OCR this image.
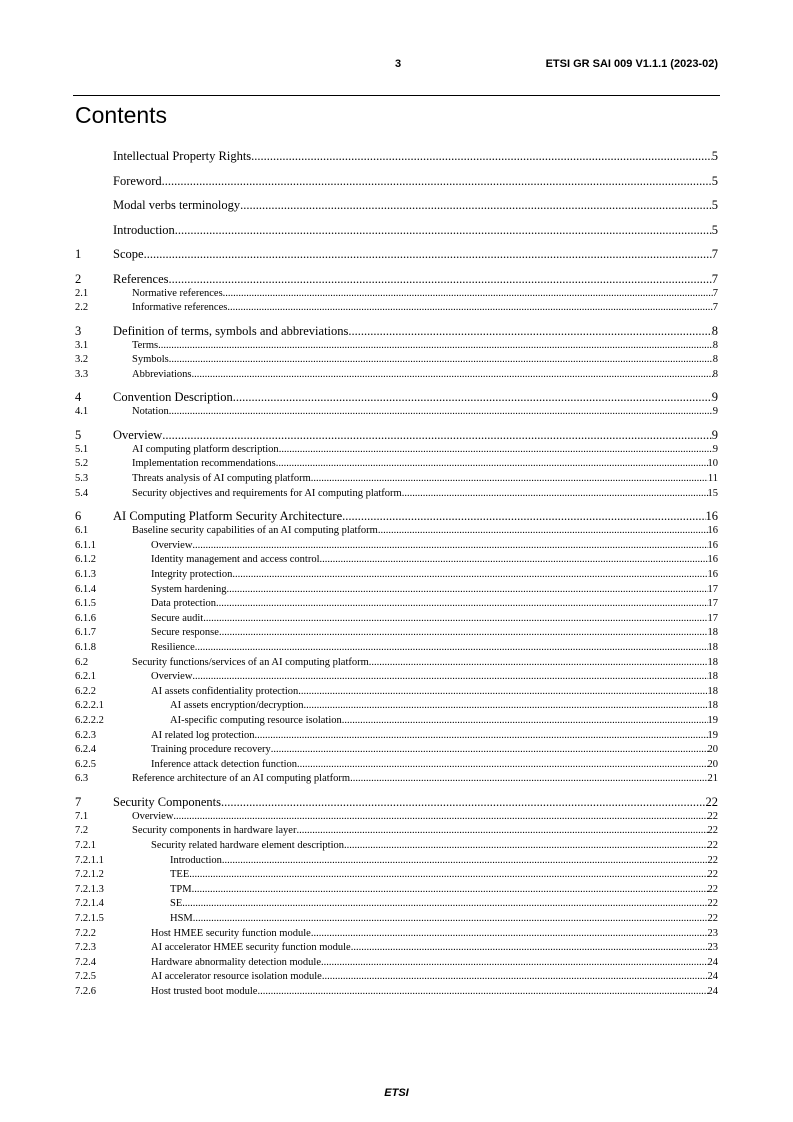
3	ETSI GR SAI 009 V1.1.1 (2023-02)
Contents
Intellectual Property Rights .....	5
Foreword .....	5
Modal verbs terminology .....	5
Introduction .....	5
1	Scope .....	7
2	References .....	7
2.1	Normative references .....	7
2.2	Informative references .....	7
3	Definition of terms, symbols and abbreviations .....	8
3.1	Terms .....	8
3.2	Symbols .....	8
3.3	Abbreviations .....	8
4	Convention Description .....	9
4.1	Notation .....	9
5	Overview .....	9
5.1	AI computing platform description .....	9
5.2	Implementation recommendations .....	10
5.3	Threats analysis of AI computing platform .....	11
5.4	Security objectives and requirements for AI computing platform .....	15
6	AI Computing Platform Security Architecture .....	16
6.1	Baseline security capabilities of an AI computing platform .....	16
6.1.1	Overview .....	16
6.1.2	Identity management and access control .....	16
6.1.3	Integrity protection .....	16
6.1.4	System hardening .....	17
6.1.5	Data protection .....	17
6.1.6	Secure audit .....	17
6.1.7	Secure response .....	18
6.1.8	Resilience .....	18
6.2	Security functions/services of an AI computing platform .....	18
6.2.1	Overview .....	18
6.2.2	AI assets confidentiality protection .....	18
6.2.2.1	AI assets encryption/decryption .....	18
6.2.2.2	AI-specific computing resource isolation .....	19
6.2.3	AI related log protection .....	19
6.2.4	Training procedure recovery .....	20
6.2.5	Inference attack detection function .....	20
6.3	Reference architecture of an AI computing platform .....	21
7	Security Components .....	22
7.1	Overview .....	22
7.2	Security components in hardware layer .....	22
7.2.1	Security related hardware element description .....	22
7.2.1.1	Introduction .....	22
7.2.1.2	TEE .....	22
7.2.1.3	TPM .....	22
7.2.1.4	SE .....	22
7.2.1.5	HSM .....	22
7.2.2	Host HMEE security function module .....	23
7.2.3	AI accelerator HMEE security function module .....	23
7.2.4	Hardware abnormality detection module .....	24
7.2.5	AI accelerator resource isolation module .....	24
7.2.6	Host trusted boot module .....	24
ETSI
